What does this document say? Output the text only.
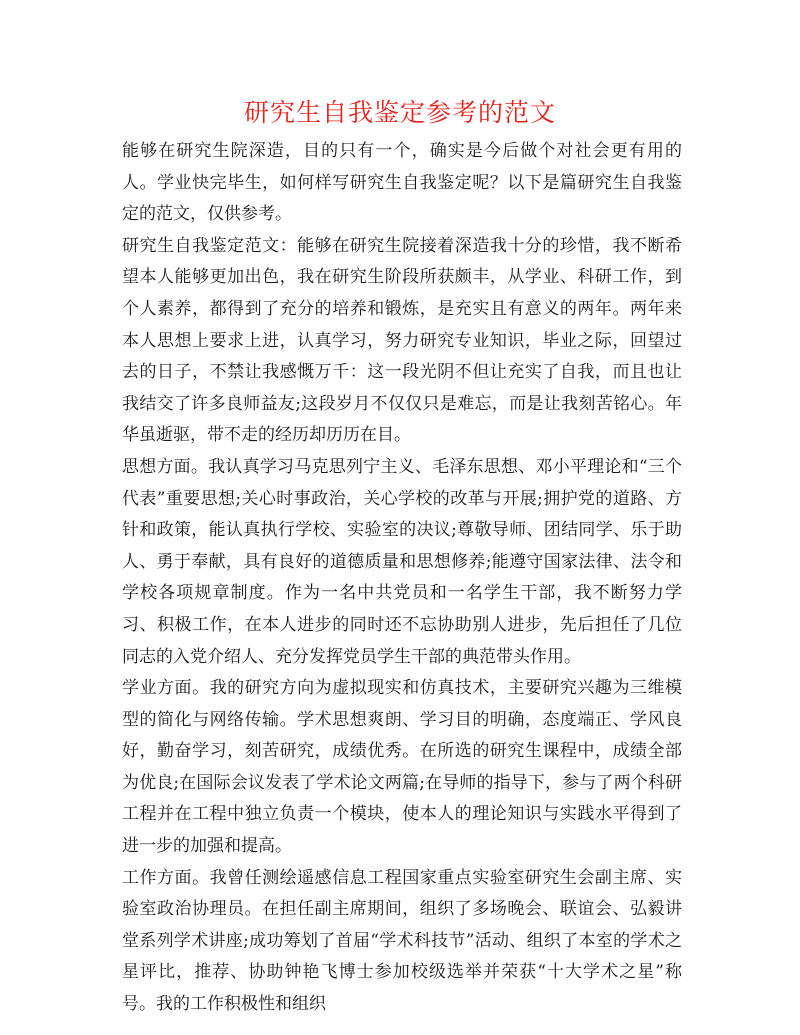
研究生自我鉴定参考的范文

能够在研究生院深造，目的只有一个，确实是今后做个对社会更有用的人。学业快完毕生，如何样写研究生自我鉴定呢？以下是篇研究生自我鉴定的范文，仅供参考。

研究生自我鉴定范文：能够在研究生院接着深造我十分的珍惜，我不断希望本人能够更加出色，我在研究生阶段所获颇丰，从学业、科研工作，到个人素养，都得到了充分的培养和锻炼，是充实且有意义的两年。两年来本人思想上要求上进，认真学习，努力研究专业知识，毕业之际，回望过去的日子，不禁让我感慨万千：这一段光阴不但让充实了自我，而且也让我结交了许多良师益友;这段岁月不仅仅只是难忘，而是让我刻苦铭心。年华虽逝驱，带不走的经历却历历在目。

思想方面。我认真学习马克思列宁主义、毛泽东思想、邓小平理论和“三个代表”重要思想;关心时事政治，关心学校的改革与开展;拥护党的道路、方针和政策，能认真执行学校、实验室的决议;尊敬导师、团结同学、乐于助人、勇于奉献，具有良好的道德质量和思想修养;能遵守国家法律、法令和学校各项规章制度。作为一名中共党员和一名学生干部，我不断努力学习、积极工作，在本人进步的同时还不忘协助别人进步，先后担任了几位同志的入党介绍人、充分发挥党员学生干部的典范带头作用。

学业方面。我的研究方向为虚拟现实和仿真技术，主要研究兴趣为三维模型的简化与网络传输。学术思想爽朗、学习目的明确，态度端正、学风良好，勤奋学习，刻苦研究，成绩优秀。在所选的研究生课程中，成绩全部为优良;在国际会议发表了学术论文两篇;在导师的指导下，参与了两个科研工程并在工程中独立负责一个模块，使本人的理论知识与实践水平得到了进一步的加强和提高。

工作方面。我曾任测绘遥感信息工程国家重点实验室研究生会副主席、实验室政治协理员。在担任副主席期间，组织了多场晚会、联谊会、弘毅讲堂系列学术讲座;成功筹划了首届“学术科技节”活动、组织了本室的学术之星评比，推荐、协助钟艳飞博士参加校级选举并荣获“十大学术之星”称号。我的工作积极性和组织
